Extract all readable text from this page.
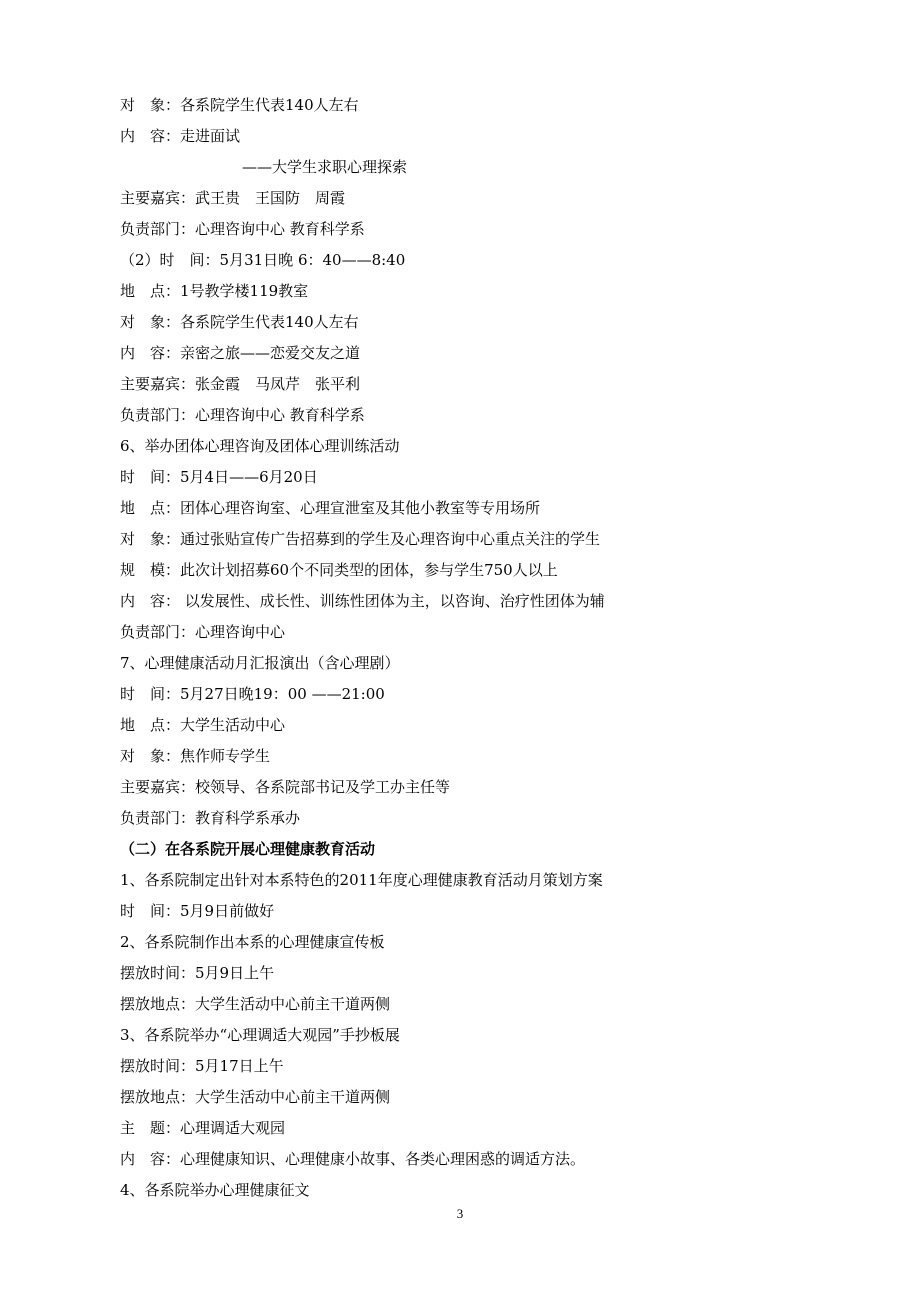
对　象：各系院学生代表140人左右
内　容：走进面试
——大学生求职心理探索
主要嘉宾：武王贵　王国防　周霞
负责部门：心理咨询中心 教育科学系
（2）时　间：5月31日晚 6：40——8:40
地　点：1号教学楼119教室
对　象：各系院学生代表140人左右
内　容：亲密之旅——恋爱交友之道
主要嘉宾：张金霞　马凤芹　张平利
负责部门：心理咨询中心 教育科学系
6、举办团体心理咨询及团体心理训练活动
时　间：5月4日——6月20日
地　点：团体心理咨询室、心理宣泄室及其他小教室等专用场所
对　象：通过张贴宣传广告招募到的学生及心理咨询中心重点关注的学生
规　模：此次计划招募60个不同类型的团体，参与学生750人以上
内　容： 以发展性、成长性、训练性团体为主，以咨询、治疗性团体为辅
负责部门：心理咨询中心
7、心理健康活动月汇报演出（含心理剧）
时　间：5月27日晚19：00 ——21:00
地　点：大学生活动中心
对　象：焦作师专学生
主要嘉宾：校领导、各系院部书记及学工办主任等
负责部门：教育科学系承办
（二）在各系院开展心理健康教育活动
1、各系院制定出针对本系特色的2011年度心理健康教育活动月策划方案
时　间：5月9日前做好
2、各系院制作出本系的心理健康宣传板
摆放时间：5月9日上午
摆放地点：大学生活动中心前主干道两侧
3、各系院举办“心理调适大观园”手抄板展
摆放时间：5月17日上午
摆放地点：大学生活动中心前主干道两侧
主　题：心理调适大观园
内　容：心理健康知识、心理健康小故事、各类心理困惑的调适方法。
4、各系院举办心理健康征文
3
